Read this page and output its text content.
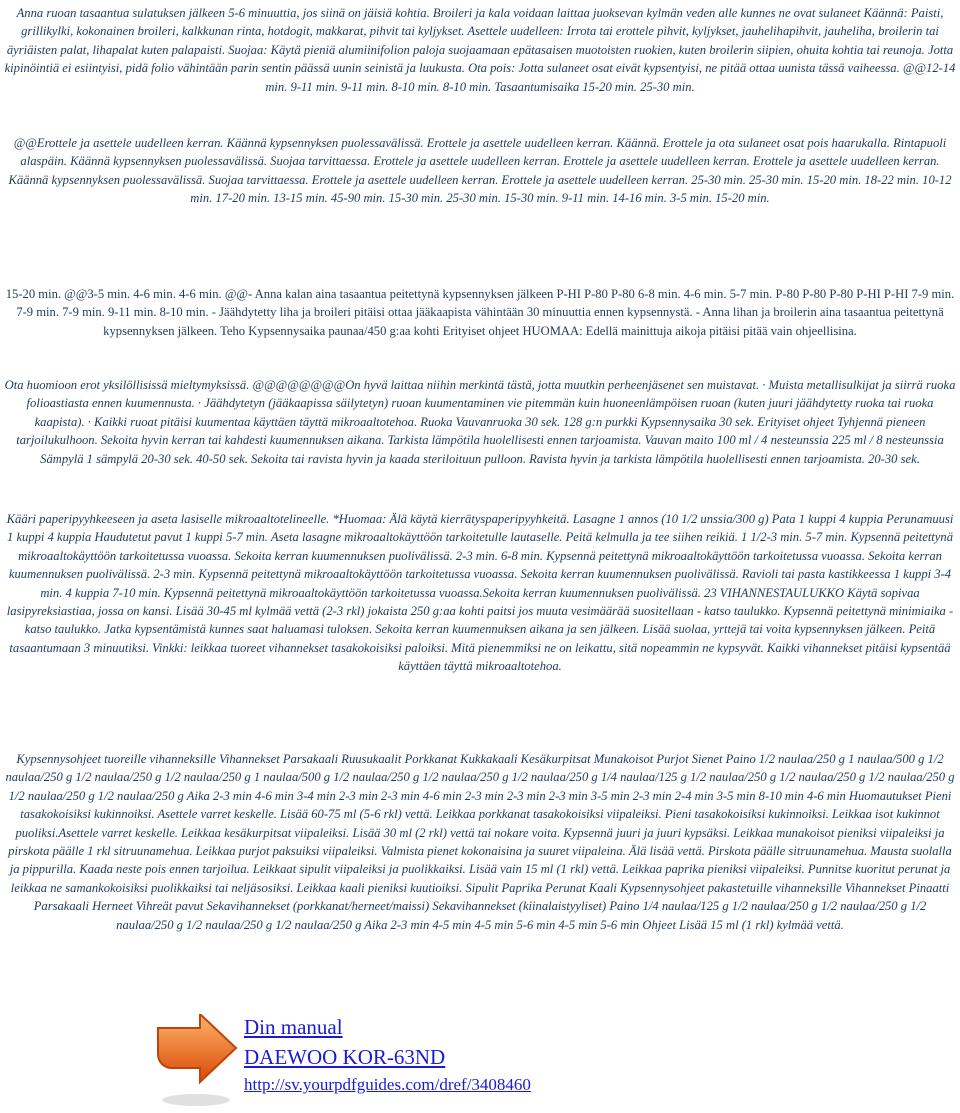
Anna ruoan tasaantua sulatuksen jälkeen 5-6 minuuttia, jos siinä on jäisiä kohtia. Broileri ja kala voidaan laittaa juoksevan kylmän veden alle kunnes ne ovat sulaneet Käännä: Paisti, grillikylki, kokonainen broileri, kalkkunan rinta, hotdogit, makkarat, pihvit tai kyljykset. Asettele uudelleen: Irrota tai erottele pihvit, kyljykset, jauhelihapihvit, jauheliha, broilerin tai äyriäisten palat, lihapalat kuten palapaisti. Suojaa: Käytä pieniä alumiinifolion paloja suojaamaan epätasaisen muotoisten ruokien, kuten broilerin siipien, ohuita kohtia tai reunoja. Jotta kipinöintiä ei esiintyisi, pidä folio vähintään parin sentin päässä uunin seinistä ja luukusta. Ota pois: Jotta sulaneet osat eivät kypsentyisi, ne pitää ottaa uunista tässä vaiheessa. @@12-14 min. 9-11 min. 9-11 min. 8-10 min. 8-10 min. Tasaantumisaika 15-20 min. 25-30 min.
@@Erottele ja asettele uudelleen kerran. Käännä kypsennyksen puolessavälissä. Erottele ja asettele uudelleen kerran. Käännä. Erottele ja ota sulaneet osat pois haarukalla. Rintapuoli alaspäin. Käännä kypsennyksen puolessavälissä. Suojaa tarvittaessa. Erottele ja asettele uudelleen kerran. Erottele ja asettele uudelleen kerran. Erottele ja asettele uudelleen kerran. Käännä kypsennyksen puolessavälissä. Suojaa tarvittaessa. Erottele ja asettele uudelleen kerran. Erottele ja asettele uudelleen kerran. 25-30 min. 25-30 min. 15-20 min. 18-22 min. 10-12 min. 17-20 min. 13-15 min. 45-90 min. 15-30 min. 25-30 min. 15-30 min. 9-11 min. 14-16 min. 3-5 min. 15-20 min.
15-20 min. @@3-5 min. 4-6 min. 4-6 min. @@- Anna kalan aina tasaantua peitettynä kypsennyksen jälkeen P-HI P-80 P-80 6-8 min. 4-6 min. 5-7 min. P-80 P-80 P-80 P-HI P-HI 7-9 min. 7-9 min. 7-9 min. 9-11 min. 8-10 min. - Jäähdytetty liha ja broileri pitäisi ottaa jääkaapista vähintään 30 minuuttia ennen kypsennystä. - Anna lihan ja broilerin aina tasaantua peitettynä kypsennyksen jälkeen. Teho Kypsennysaika paunaa/450 g:aa kohti Erityiset ohjeet HUOMAA: Edellä mainittuja aikoja pitäisi pitää vain ohjeellisina.
Ota huomioon erot yksilöllisissä mieltymyksissä. @@@@@@@@On hyvä laittaa niihin merkintä tästä, jotta muutkin perheenjäsenet sen muistavat. · Muista metallisulkijat ja siirrä ruoka folioastiasta ennen kuumennusta. · Jäähdytetyn (jääkaapissa säilytetyn) ruoan kuumentaminen vie pitemmän kuin huoneenlämpöisen ruoan (kuten juuri jäähdytetty ruoka tai ruoka kaapista). · Kaikki ruoat pitäisi kuumentaa käyttäen täyttä mikroaaltotehoa. Ruoka Vauvanruoka 30 sek. 128 g:n purkki Kypsennysaika 30 sek. Erityiset ohjeet Tyhjennä pieneen tarjoilukulhoon. Sekoita hyvin kerran tai kahdesti kuumennuksen aikana. Tarkista lämpötila huolellisesti ennen tarjoamista. Vauvan maito 100 ml / 4 nesteunssia 225 ml / 8 nesteunssia Sämpylä 1 sämpylä 20-30 sek. 40-50 sek. Sekoita tai ravista hyvin ja kaada steriloituun pulloon. Ravista hyvin ja tarkista lämpötila huolellisesti ennen tarjoamista. 20-30 sek.
Kääri paperipyyhkeeseen ja aseta lasiselle mikroaaltotelineelle. *Huomaa: Älä käytä kierrätyspaperipyyhkeitä. Lasagne 1 annos (10 1/2 unssia/300 g) Pata 1 kuppi 4 kuppia Perunamuusi 1 kuppi 4 kuppia Haudutetut pavut 1 kuppi 5-7 min. Aseta lasagne mikroaaltokäyttöön tarkoitetulle lautaselle. Peitä kelmulla ja tee siihen reikiä. 1 1/2-3 min. 5-7 min. Kypsennä peitettynä mikroaaltokäyttöön tarkoitetussa vuoassa. Sekoita kerran kuumennuksen puolivälissä. 2-3 min. 6-8 min. Kypsennä peitettynä mikroaaltokäyttöön tarkoitetussa vuoassa. Sekoita kerran kuumennuksen puolivälissä. 2-3 min. Kypsennä peitettynä mikroaaltokäyttöön tarkoitetussa vuoassa. Sekoita kerran kuumennuksen puolivälissä. Ravioli tai pasta kastikkeessa 1 kuppi 3-4 min. 4 kuppia 7-10 min. Kypsennä peitettynä mikroaaltokäyttöön tarkoitetussa vuoassa.Sekoita kerran kuumennuksen puolivälissä. 23 VIHANNESTAULUKKO Käytä sopivaa lasipyreksiastiaa, jossa on kansi. Lisää 30-45 ml kylmää vettä (2-3 rkl) jokaista 250 g:aa kohti paitsi jos muuta vesimäärää suositellaan - katso taulukko. Kypsennä peitettynä minimiaika - katso taulukko. Jatka kypsentämistä kunnes saat haluamasi tuloksen. Sekoita kerran kuumennuksen aikana ja sen jälkeen. Lisää suolaa, yrttejä tai voita kypsennyksen jälkeen. Peitä tasaantumaan 3 minuutiksi. Vinkki: leikkaa tuoreet vihannekset tasakokoisiksi paloiksi. Mitä pienemmiksi ne on leikattu, sitä nopeammin ne kypsyvät. Kaikki vihannekset pitäisi kypsentää käyttäen täyttä mikroaaltotehoa.
Kypsennysohjeet tuoreille vihanneksille Vihannekset Parsakaali Ruusukaalit Porkkanat Kukkakaali Kesäkurpitsat Munakoisot Purjot Sienet Paino 1/2 naulaa/250 g 1 naulaa/500 g 1/2 naulaa/250 g 1/2 naulaa/250 g 1/2 naulaa/250 g 1 naulaa/500 g 1/2 naulaa/250 g 1/2 naulaa/250 g 1/2 naulaa/250 g 1/4 naulaa/125 g 1/2 naulaa/250 g 1/2 naulaa/250 g 1/2 naulaa/250 g 1/2 naulaa/250 g 1/2 naulaa/250 g Aika 2-3 min 4-6 min 3-4 min 2-3 min 2-3 min 4-6 min 2-3 min 2-3 min 2-3 min 3-5 min 2-3 min 2-4 min 3-5 min 8-10 min 4-6 min Huomautukset Pieni tasakokoisiksi kukinnoiksi. Asettele varret keskelle. Lisää 60-75 ml (5-6 rkl) vettä. Leikkaa porkkanat tasakokoisiksi viipaleiksi. Pieni tasakokoisiksi kukinnoiksi. Leikkaa isot kukinnot puoliksi.Asettele varret keskelle. Leikkaa kesäkurpitsat viipaleiksi. Lisää 30 ml (2 rkl) vettä tai nokare voita. Kypsennä juuri ja juuri kypsäksi. Leikkaa munakoisot pieniksi viipaleiksi ja pirskota päälle 1 rkl sitruunamehua. Leikkaa purjot paksuiksi viipaleiksi. Valmista pienet kokonaisina ja suuret viipaleina. Älä lisää vettä. Pirskota päälle sitruunamehua. Mausta suolalla ja pippurilla. Kaada neste pois ennen tarjoilua. Leikkaat sipulit viipaleiksi ja puolikkaiksi. Lisää vain 15 ml (1 rkl) vettä. Leikkaa paprika pieniksi viipaleiksi. Punnitse kuoritut perunat ja leikkaa ne samankokoisiksi puolikkaiksi tai neljäsosiksi. Leikkaa kaali pieniksi kuutioiksi. Sipulit Paprika Perunat Kaali Kypsennysohjeet pakastetuille vihanneksille Vihannekset Pinaatti Parsakaali Herneet Vihreät pavut Sekavihannekset (porkkanat/herneet/maissi) Sekavihannekset (kiinalaistyyliset) Paino 1/4 naulaa/125 g 1/2 naulaa/250 g 1/2 naulaa/250 g 1/2 naulaa/250 g 1/2 naulaa/250 g 1/2 naulaa/250 g Aika 2-3 min 4-5 min 4-5 min 5-6 min 4-5 min 5-6 min Ohjeet Lisää 15 ml (1 rkl) kylmää vettä.
Din manual
DAEWOO KOR-63ND
http://sv.yourpdfguides.com/dref/3408460
